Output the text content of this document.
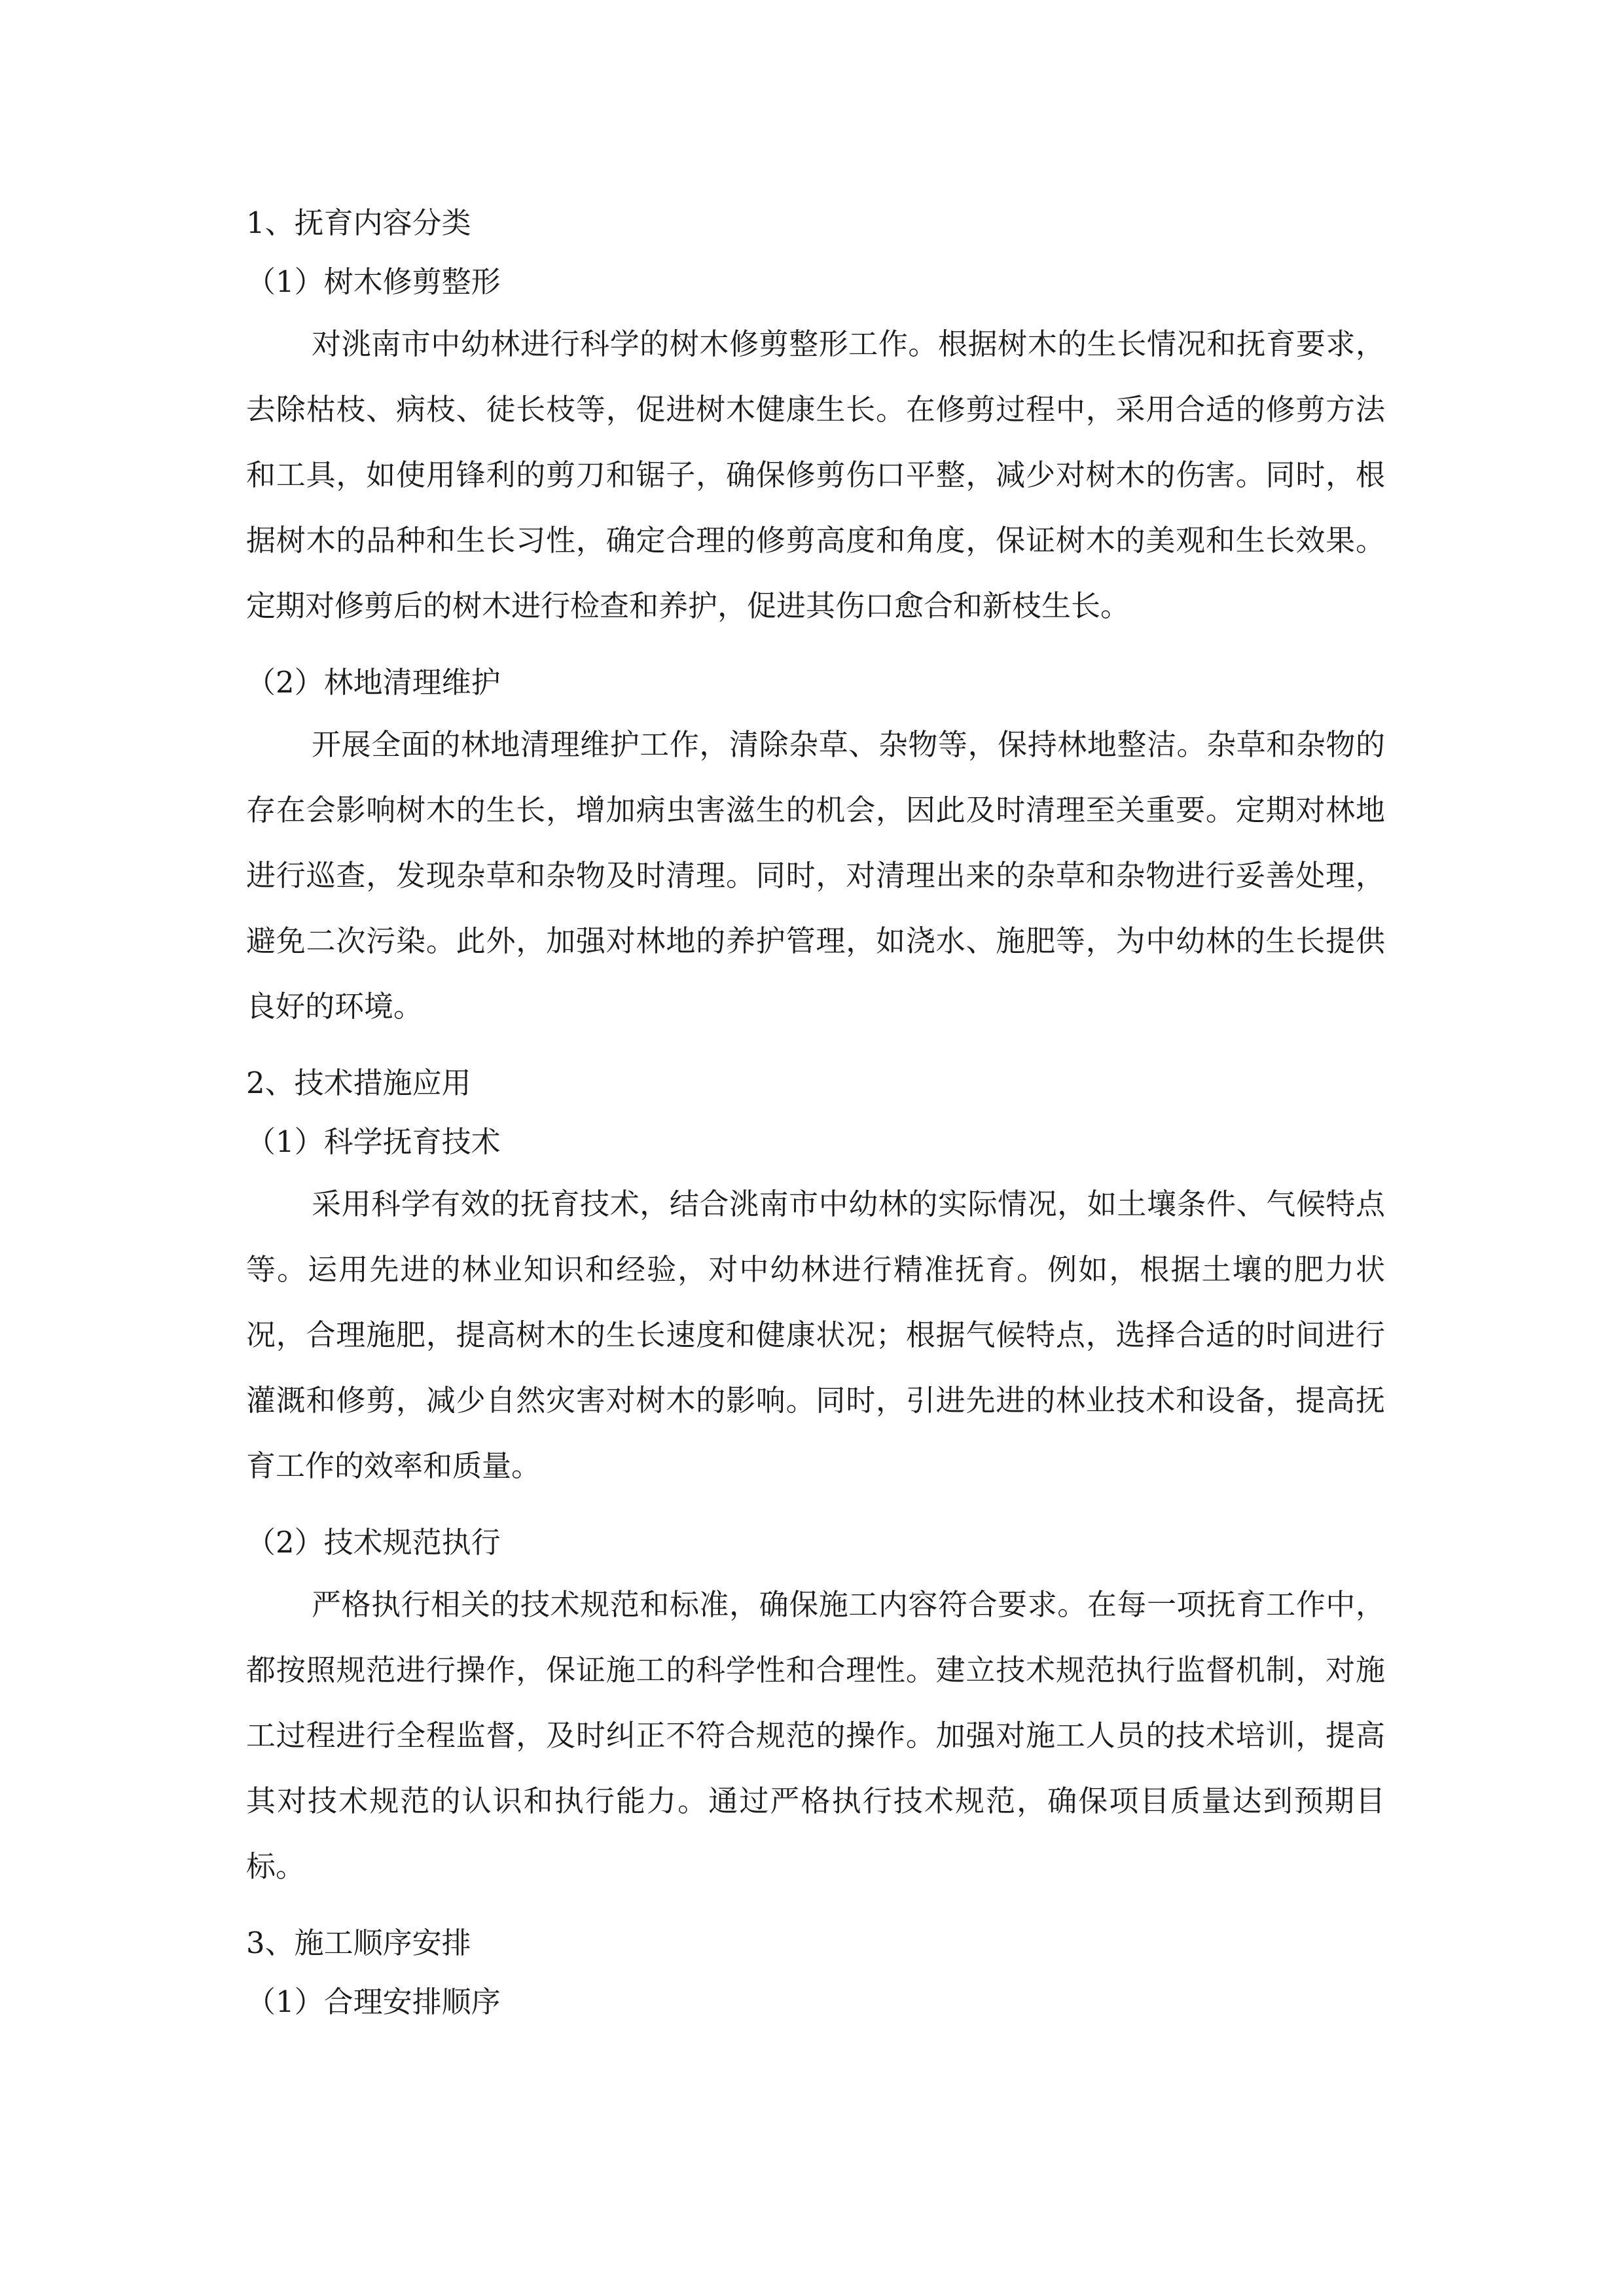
1、抚育内容分类
（1）树木修剪整形

对洮南市中幼林进行科学的树木修剪整形工作。根据树木的生长情况和抚育要求，去除枯枝、病枝、徒长枝等，促进树木健康生长。在修剪过程中，采用合适的修剪方法和工具，如使用锋利的剪刀和锯子，确保修剪伤口平整，减少对树木的伤害。同时，根据树木的品种和生长习性，确定合理的修剪高度和角度，保证树木的美观和生长效果。定期对修剪后的树木进行检查和养护，促进其伤口愈合和新枝生长。

（2）林地清理维护

开展全面的林地清理维护工作，清除杂草、杂物等，保持林地整洁。杂草和杂物的存在会影响树木的生长，增加病虫害滋生的机会，因此及时清理至关重要。定期对林地进行巡查，发现杂草和杂物及时清理。同时，对清理出来的杂草和杂物进行妥善处理，避免二次污染。此外，加强对林地的养护管理，如浇水、施肥等，为中幼林的生长提供良好的环境。

2、技术措施应用
（1）科学抚育技术

采用科学有效的抚育技术，结合洮南市中幼林的实际情况，如土壤条件、气候特点等。运用先进的林业知识和经验，对中幼林进行精准抚育。例如，根据土壤的肥力状况，合理施肥，提高树木的生长速度和健康状况；根据气候特点，选择合适的时间进行灌溉和修剪，减少自然灾害对树木的影响。同时，引进先进的林业技术和设备，提高抚育工作的效率和质量。

（2）技术规范执行

严格执行相关的技术规范和标准，确保施工内容符合要求。在每一项抚育工作中，都按照规范进行操作，保证施工的科学性和合理性。建立技术规范执行监督机制，对施工过程进行全程监督，及时纠正不符合规范的操作。加强对施工人员的技术培训，提高其对技术规范的认识和执行能力。通过严格执行技术规范，确保项目质量达到预期目标。

3、施工顺序安排
（1）合理安排顺序
